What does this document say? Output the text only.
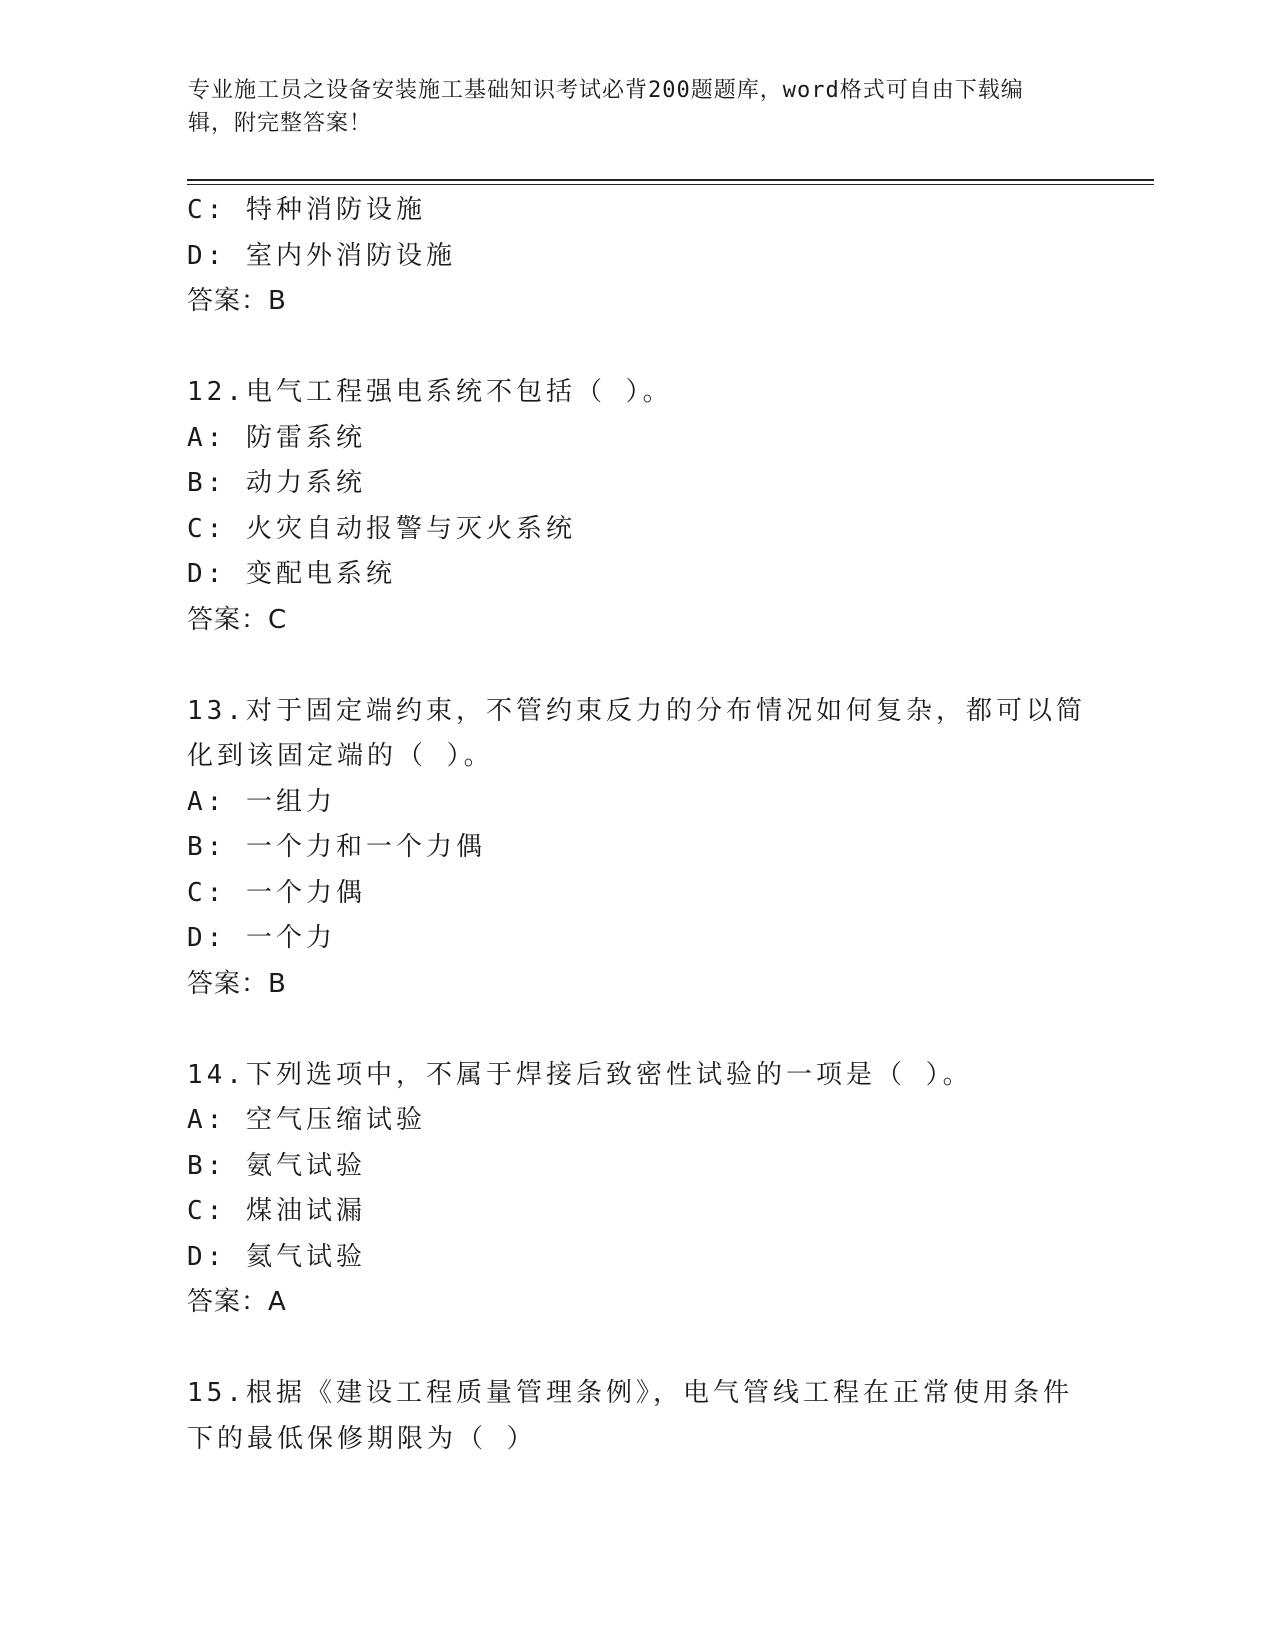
专业施工员之设备安装施工基础知识考试必背200题题库，word格式可自由下载编辑，附完整答案！
C: 特种消防设施
D: 室内外消防设施
答案：B
12.电气工程强电系统不包括（ ）。
A: 防雷系统
B: 动力系统
C: 火灾自动报警与灭火系统
D: 变配电系统
答案：C
13.对于固定端约束，不管约束反力的分布情况如何复杂，都可以简化到该固定端的（ ）。
A: 一组力
B: 一个力和一个力偶
C: 一个力偶
D: 一个力
答案：B
14.下列选项中，不属于焊接后致密性试验的一项是（ ）。
A: 空气压缩试验
B: 氨气试验
C: 煤油试漏
D: 氦气试验
答案：A
15.根据《建设工程质量管理条例》，电气管线工程在正常使用条件下的最低保修期限为（ ）
